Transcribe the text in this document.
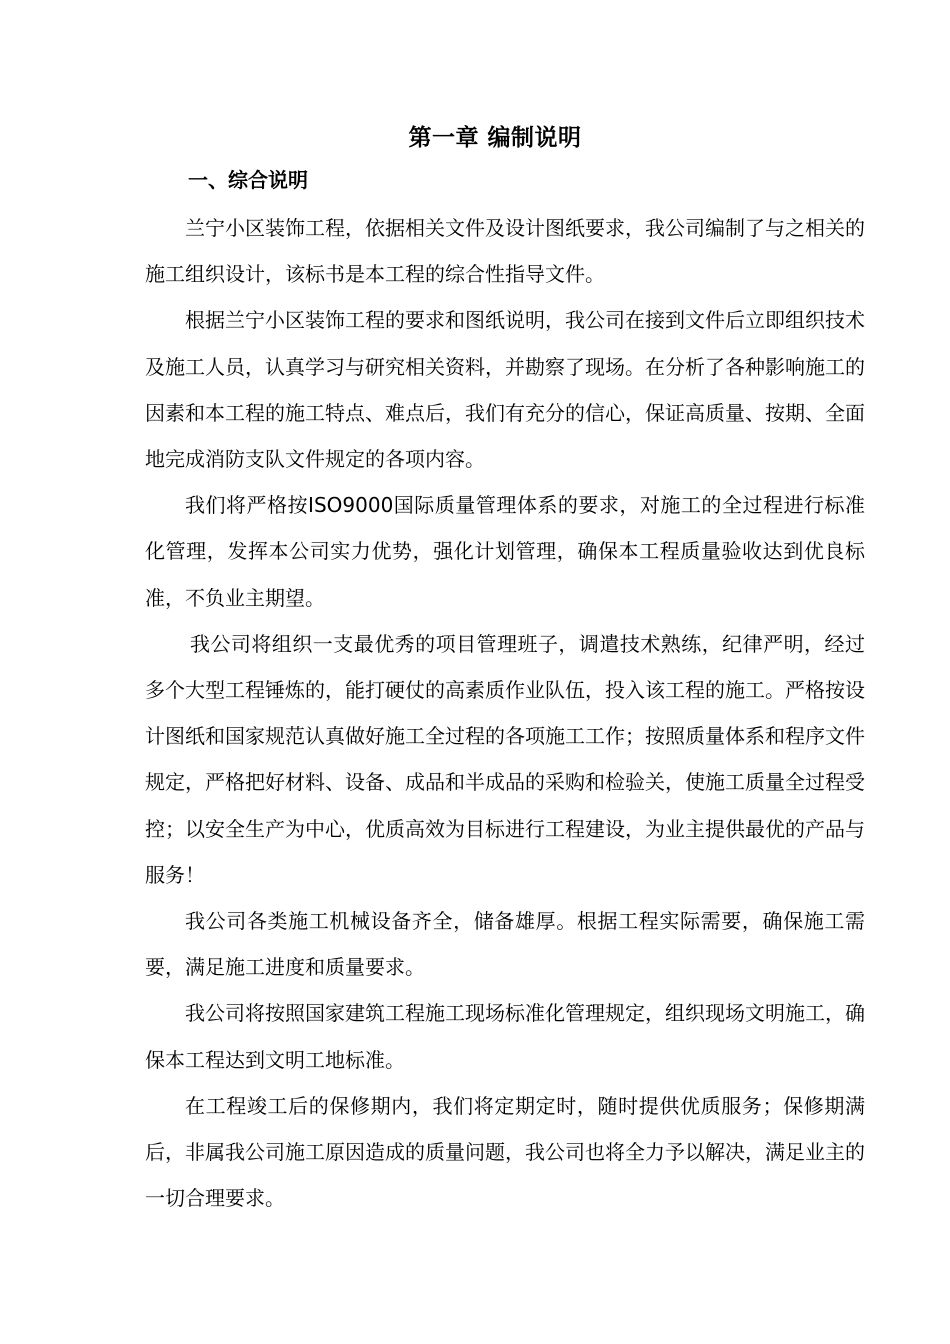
第一章 编制说明
一、综合说明

兰宁小区装饰工程，依据相关文件及设计图纸要求，我公司编制了与之相关的施工组织设计，该标书是本工程的综合性指导文件。

根据兰宁小区装饰工程的要求和图纸说明，我公司在接到文件后立即组织技术及施工人员，认真学习与研究相关资料，并勘察了现场。在分析了各种影响施工的因素和本工程的施工特点、难点后，我们有充分的信心，保证高质量、按期、全面地完成消防支队文件规定的各项内容。

我们将严格按ISO9000国际质量管理体系的要求，对施工的全过程进行标准化管理，发挥本公司实力优势，强化计划管理，确保本工程质量验收达到优良标准，不负业主期望。

我公司将组织一支最优秀的项目管理班子，调遣技术熟练，纪律严明，经过多个大型工程锤炼的，能打硬仗的高素质作业队伍，投入该工程的施工。严格按设计图纸和国家规范认真做好施工全过程的各项施工工作；按照质量体系和程序文件规定，严格把好材料、设备、成品和半成品的采购和检验关，使施工质量全过程受控；以安全生产为中心，优质高效为目标进行工程建设，为业主提供最优的产品与服务！

我公司各类施工机械设备齐全，储备雄厚。根据工程实际需要，确保施工需要，满足施工进度和质量要求。

我公司将按照国家建筑工程施工现场标准化管理规定，组织现场文明施工，确保本工程达到文明工地标准。

在工程竣工后的保修期内，我们将定期定时，随时提供优质服务；保修期满后，非属我公司施工原因造成的质量问题，我公司也将全力予以解决，满足业主的一切合理要求。
